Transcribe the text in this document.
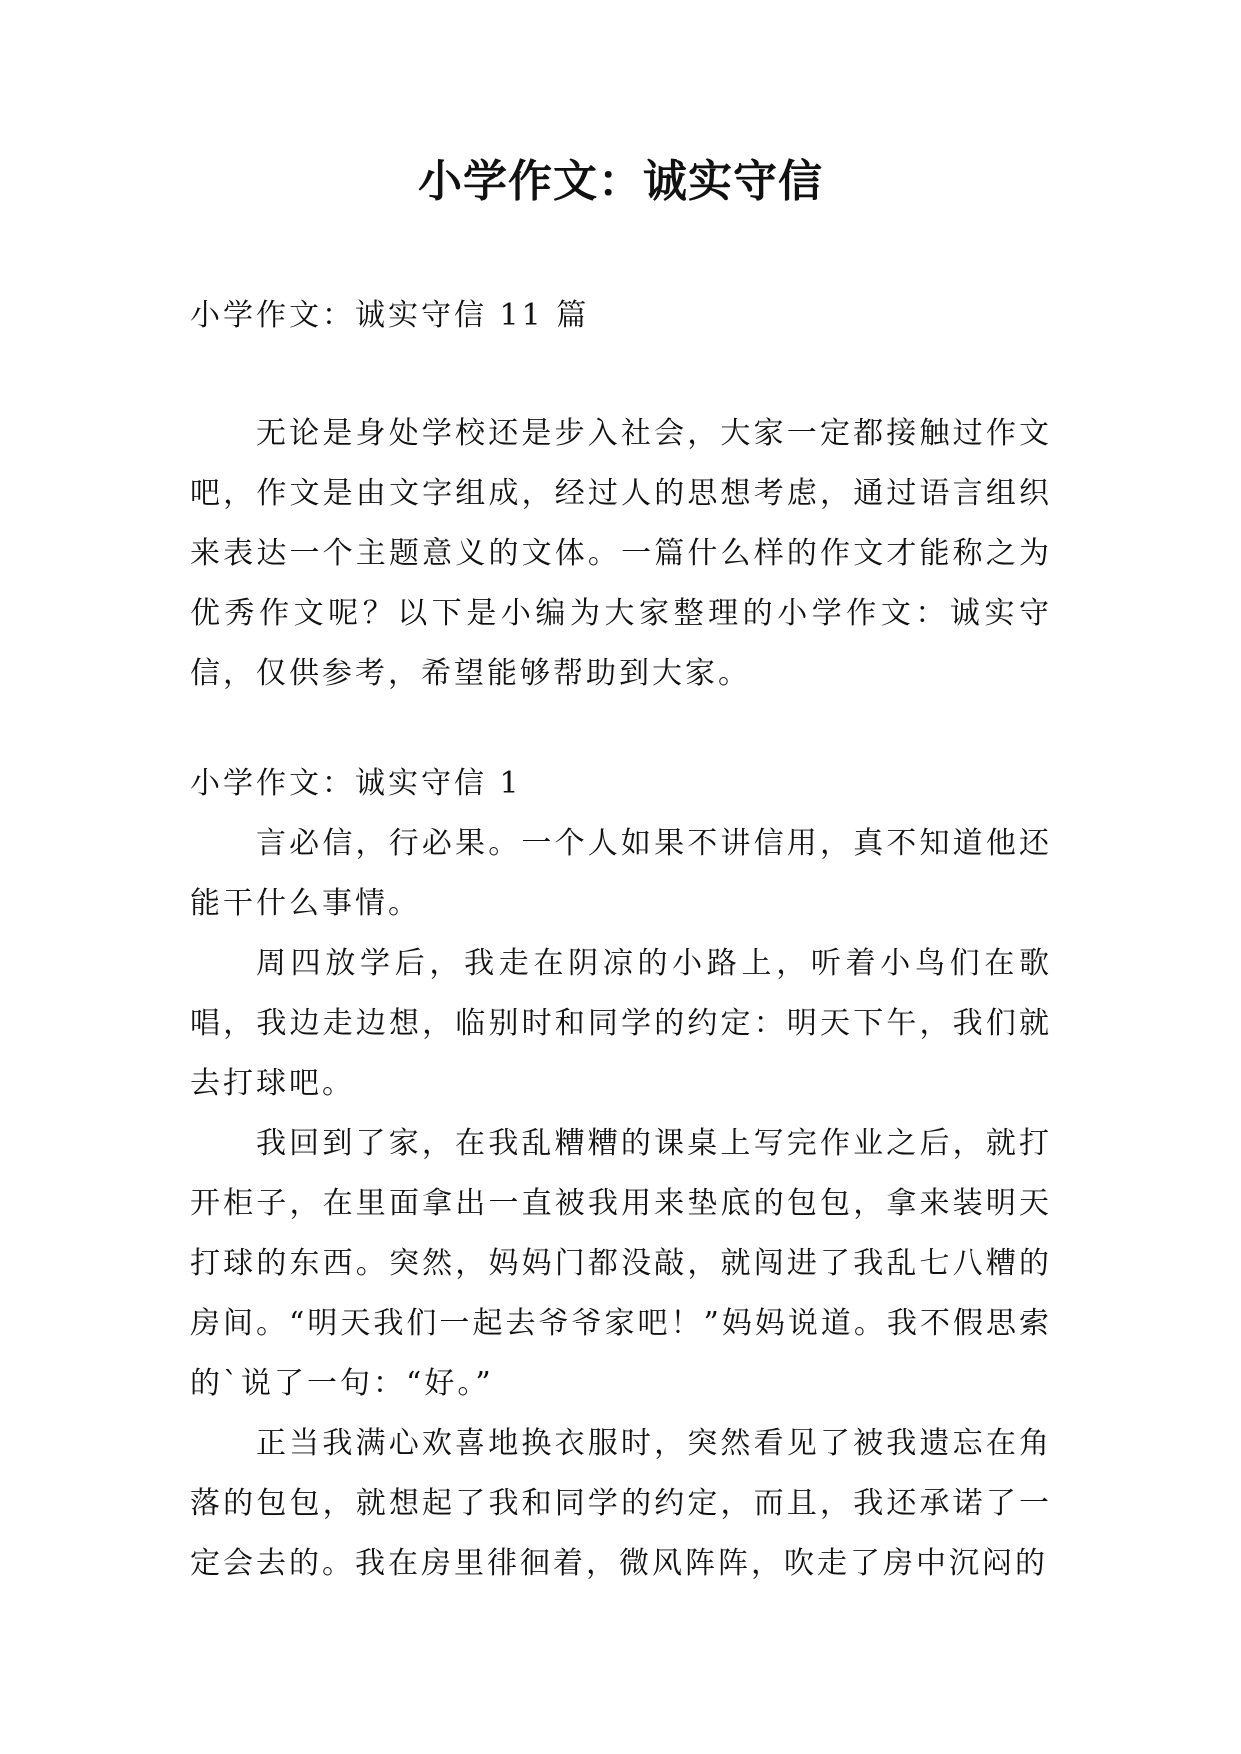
小学作文：诚实守信

小学作文：诚实守信 11 篇

无论是身处学校还是步入社会，大家一定都接触过作文吧，作文是由文字组成，经过人的思想考虑，通过语言组织来表达一个主题意义的文体。一篇什么样的作文才能称之为优秀作文呢？以下是小编为大家整理的小学作文：诚实守信，仅供参考，希望能够帮助到大家。

小学作文：诚实守信 1

言必信，行必果。一个人如果不讲信用，真不知道他还能干什么事情。

周四放学后，我走在阴凉的小路上，听着小鸟们在歌唱，我边走边想，临别时和同学的约定：明天下午，我们就去打球吧。

我回到了家，在我乱糟糟的课桌上写完作业之后，就打开柜子，在里面拿出一直被我用来垫底的包包，拿来装明天打球的东西。突然，妈妈门都没敲，就闯进了我乱七八糟的房间。“明天我们一起去爷爷家吧！”妈妈说道。我不假思索的`说了一句：“好。”

正当我满心欢喜地换衣服时，突然看见了被我遗忘在角落的包包，就想起了我和同学的约定，而且，我还承诺了一定会去的。我在房里徘徊着，微风阵阵，吹走了房中沉闷的
